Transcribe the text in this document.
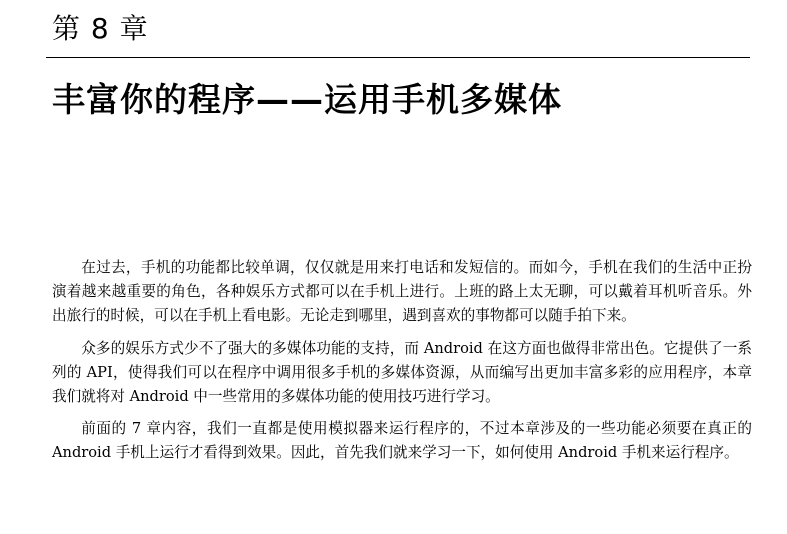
第 8 章
丰富你的程序——运用手机多媒体

在过去，手机的功能都比较单调，仅仅就是用来打电话和发短信的。而如今，手机在我们的生活中正扮演着越来越重要的角色，各种娱乐方式都可以在手机上进行。上班的路上太无聊，可以戴着耳机听音乐。外出旅行的时候，可以在手机上看电影。无论走到哪里，遇到喜欢的事物都可以随手拍下来。

众多的娱乐方式少不了强大的多媒体功能的支持，而 Android 在这方面也做得非常出色。它提供了一系列的 API，使得我们可以在程序中调用很多手机的多媒体资源，从而编写出更加丰富多彩的应用程序，本章我们就将对 Android 中一些常用的多媒体功能的使用技巧进行学习。

前面的 7 章内容，我们一直都是使用模拟器来运行程序的，不过本章涉及的一些功能必须要在真正的 Android 手机上运行才看得到效果。因此，首先我们就来学习一下，如何使用 Android 手机来运行程序。
